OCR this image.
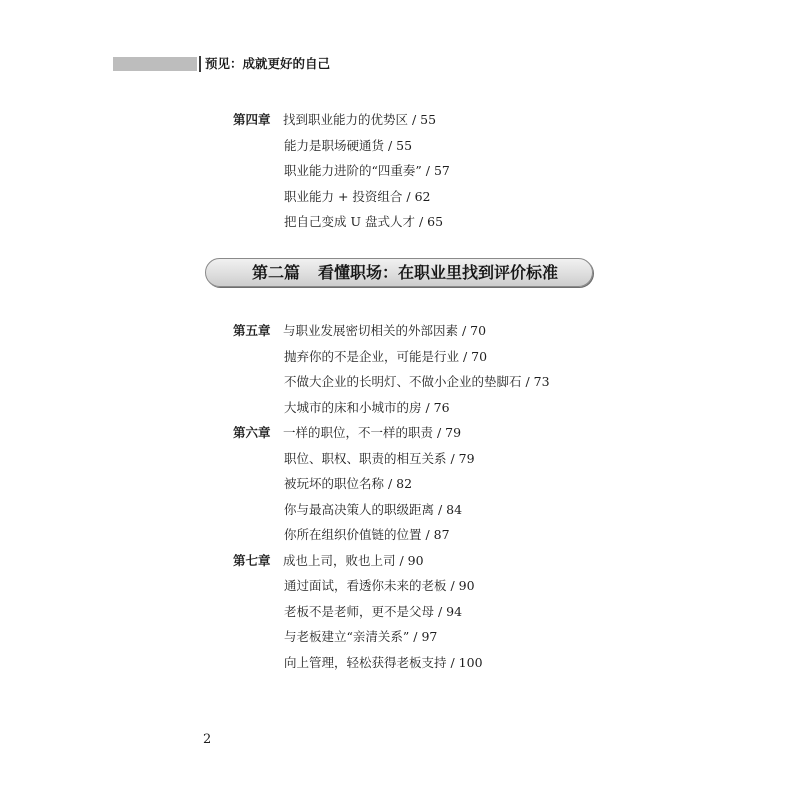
预见：成就更好的自己
第四章 找到职业能力的优势区 / 55
能力是职场硬通货 / 55
职业能力进阶的“四重奏” / 57
职业能力 + 投资组合 / 62
把自己变成 U 盘式人才 / 65
第二篇 看懂职场：在职业里找到评价标准
第五章 与职业发展密切相关的外部因素 / 70
抛弃你的不是企业，可能是行业 / 70
不做大企业的长明灯、不做小企业的垫脚石 / 73
大城市的床和小城市的房 / 76
第六章 一样的职位，不一样的职责 / 79
职位、职权、职责的相互关系 / 79
被玩坏的职位名称 / 82
你与最高决策人的职级距离 / 84
你所在组织价值链的位置 / 87
第七章 成也上司，败也上司 / 90
通过面试，看透你未来的老板 / 90
老板不是老师，更不是父母 / 94
与老板建立“亲清关系” / 97
向上管理，轻松获得老板支持 / 100
2
